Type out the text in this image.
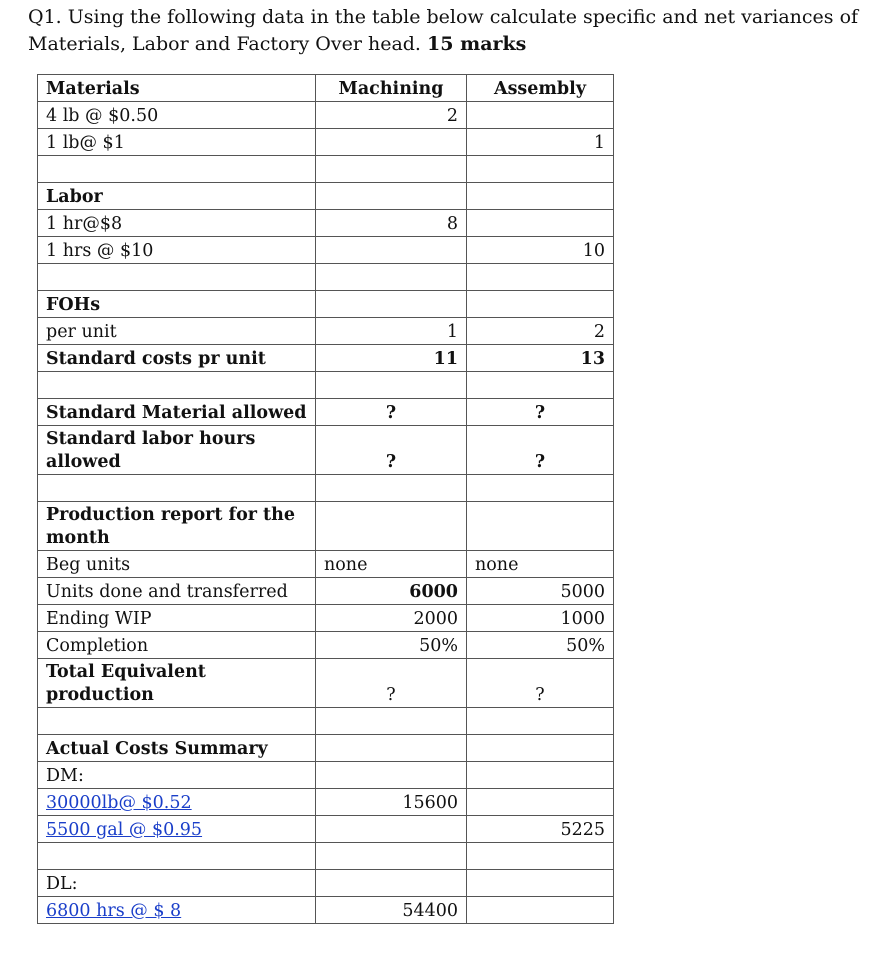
Q1. Using the following data in the table below calculate specific and net variances of
Materials, Labor and Factory Over head. 15 marks
Materials	Machining	Assembly
4 lb @ $0.50	2	
1 lb@ $1		1

Labor		
1 hr@$8	8	
1 hrs @ $10		10

FOHs		
per unit	1	2
Standard costs pr unit	11	13

Standard Material allowed	?	?
Standard labor hours allowed	?	?

Production report for the month		
Beg units	none	none
Units done and transferred	6000	5000
Ending WIP	2000	1000
Completion	50%	50%
Total Equivalent production	?	?

Actual Costs Summary		
DM:		
30000lb@ $0.52	15600	
5500 gal @ $0.95		5225

DL:		
6800 hrs @ $ 8	54400	
